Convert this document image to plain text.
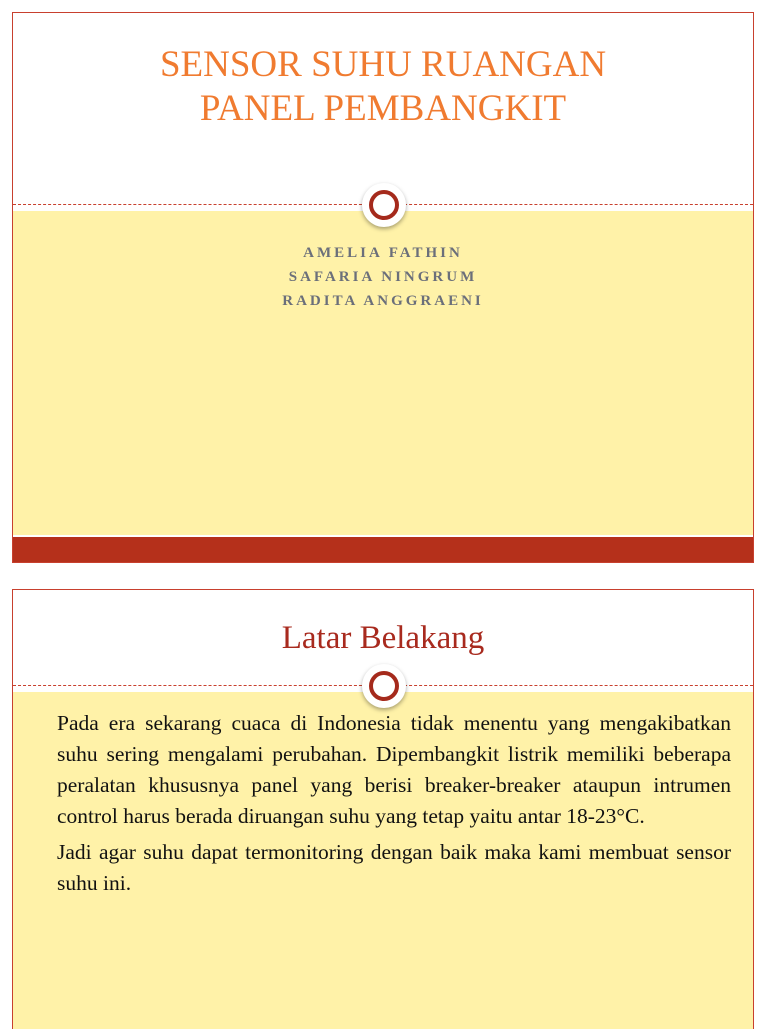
SENSOR SUHU RUANGAN
PANEL PEMBANGKIT
AMELIA FATHIN
SAFARIA NINGRUM
RADITA ANGGRAENI
Latar Belakang

Pada era sekarang cuaca di Indonesia tidak menentu yang mengakibatkan suhu sering mengalami perubahan. Dipembangkit listrik memiliki beberapa peralatan khususnya panel yang berisi breaker-breaker ataupun intrumen control harus berada diruangan suhu yang tetap yaitu antar 18-23°C.

Jadi agar suhu dapat termonitoring dengan baik maka kami membuat sensor suhu ini.
